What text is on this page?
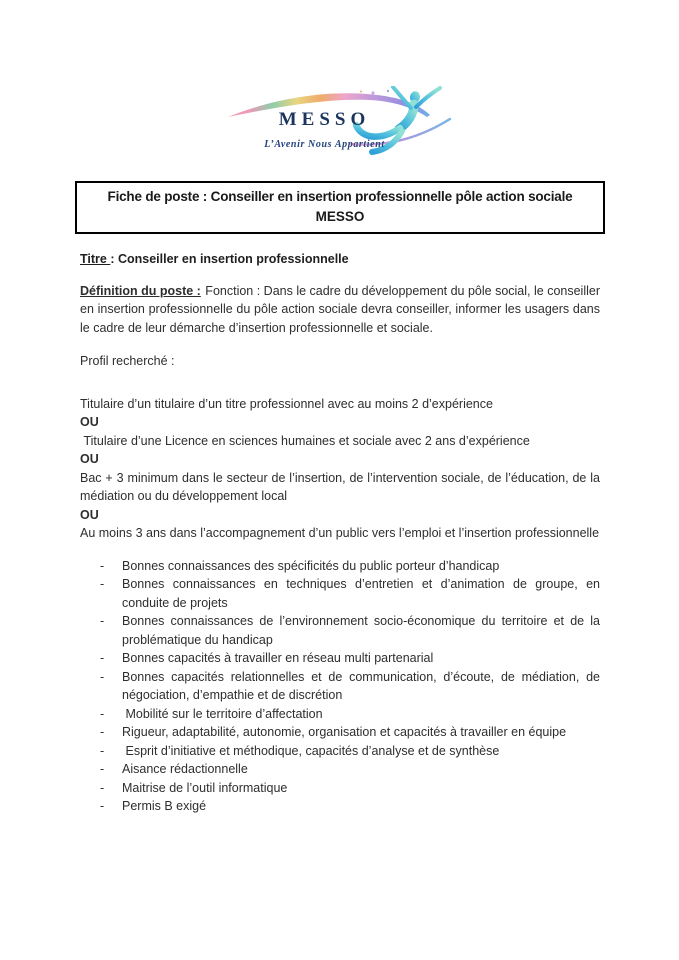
MESSO
L’Avenir Nous Appartient
Fiche de poste : Conseiller en insertion professionnelle pôle action sociale
MESSO

Titre : Conseiller en insertion professionnelle

Définition du poste : Fonction : Dans le cadre du développement du pôle social, le conseiller en insertion professionnelle du pôle action sociale devra conseiller, informer les usagers dans le cadre de leur démarche d’insertion professionnelle et sociale.

Profil recherché :

Titulaire d’un titulaire d’un titre professionnel avec au moins 2 d’expérience
OU
Titulaire d’une Licence en sciences humaines et sociale avec 2 ans d’expérience
OU
Bac + 3 minimum dans le secteur de l’insertion, de l’intervention sociale, de l’éducation, de la médiation ou du développement local
OU
Au moins 3 ans dans l’accompagnement d’un public vers l’emploi et l’insertion professionnelle
-	Bonnes connaissances des spécificités du public porteur d’handicap
-	Bonnes connaissances en techniques d’entretien et d’animation de groupe, en conduite de projets
-	Bonnes connaissances de l’environnement socio-économique du territoire et de la problématique du handicap
-	Bonnes capacités à travailler en réseau multi partenarial
-	Bonnes capacités relationnelles et de communication, d’écoute, de médiation, de négociation, d’empathie et de discrétion
-	Mobilité sur le territoire d’affectation
-	Rigueur, adaptabilité, autonomie, organisation et capacités à travailler en équipe
-	Esprit d’initiative et méthodique, capacités d’analyse et de synthèse
-	Aisance rédactionnelle
-	Maitrise de l’outil informatique
-	Permis B exigé
